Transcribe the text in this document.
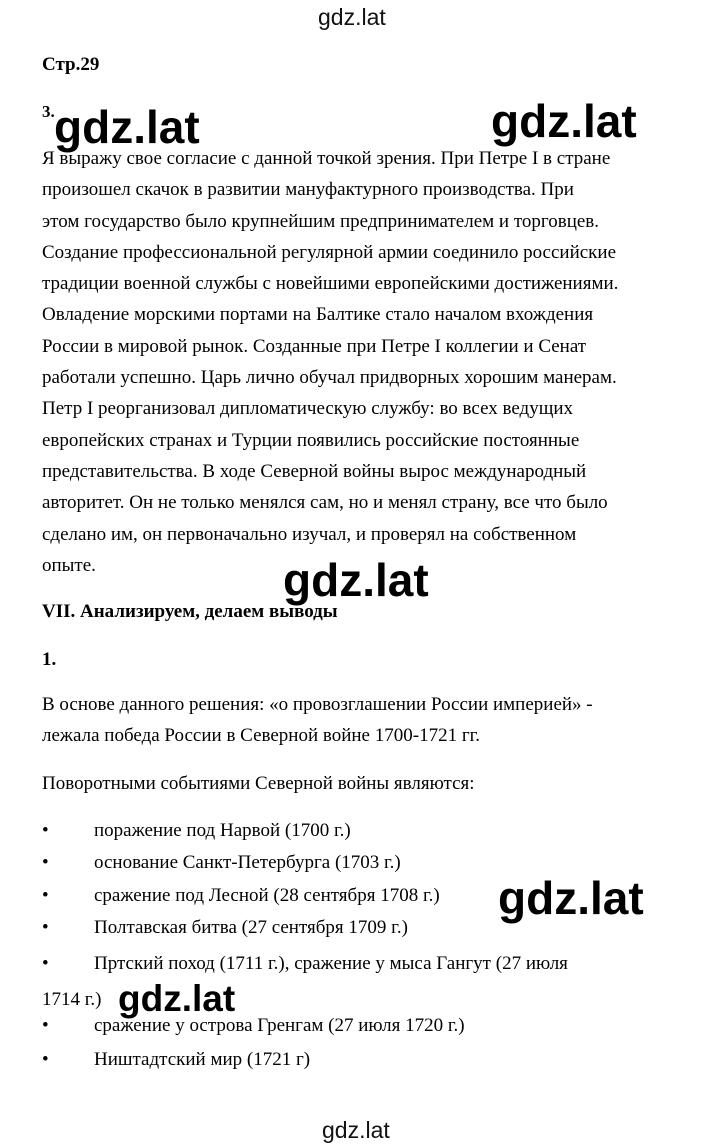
gdz.lat
Стр.29
3.
Я выражу свое согласие с данной точкой зрения. При Петре I в стране
произошел скачок в развитии мануфактурного производства. При
этом государство было крупнейшим предпринимателем и торговцев.
Создание профессиональной регулярной армии соединило российские
традиции военной службы с новейшими европейскими достижениями.
Овладение морскими портами на Балтике стало началом вхождения
России в мировой рынок. Созданные при Петре I коллегии и Сенат
работали успешно. Царь лично обучал придворных хорошим манерам.
Петр I реорганизовал дипломатическую службу: во всех ведущих
европейских странах и Турции появились российские постоянные
представительства. В ходе Северной войны вырос международный
авторитет. Он не только менялся сам, но и менял страну, все что было
сделано им, он первоначально изучал, и проверял на собственном
опыте.
VII. Анализируем, делаем выводы
1.
В основе данного решения: «о провозглашении России империей» -
лежала победа России в Северной войне 1700-1721 гг.
Поворотными событиями Северной войны являются:
• поражение под Нарвой (1700 г.)
• основание Санкт-Петербурга (1703 г.)
• сражение под Лесной (28 сентября 1708 г.)
• Полтавская битва (27 сентября 1709 г.)
• Пртский поход (1711 г.), сражение у мыса Гангут (27 июля
1714 г.)
• сражение у острова Гренгам (27 июля 1720 г.)
• Ништадтский мир (1721 г)
gdz.lat	gdz.lat
gdz.lat
gdz.lat
gdz.lat
gdz.lat
